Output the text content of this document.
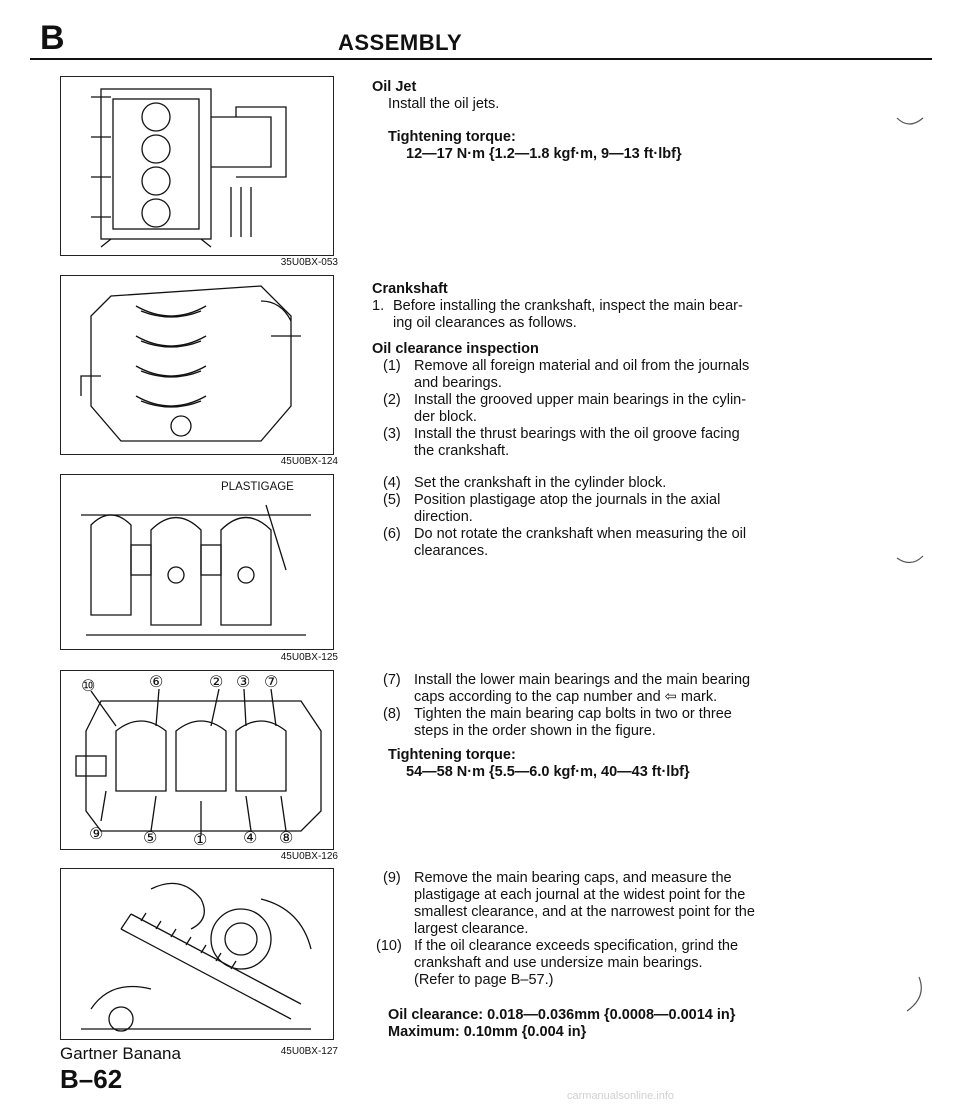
B	ASSEMBLY
35U0BX-053
45U0BX-124
PLASTIGAGE
45U0BX-125
⑩	⑥	② ③ ⑦
⑨ ⑤ ① ④ ⑧
45U0BX-126
45U0BX-127
Oil Jet
Install the oil jets.
Tightening torque:
12—17 N·m {1.2—1.8 kgf·m, 9—13 ft·lbf}
Crankshaft
1. Before installing the crankshaft, inspect the main bear-
ing oil clearances as follows.
Oil clearance inspection
(1) Remove all foreign material and oil from the journals
and bearings.
(2) Install the grooved upper main bearings in the cylin-
der block.
(3) Install the thrust bearings with the oil groove facing
the crankshaft.
(4) Set the crankshaft in the cylinder block.
(5) Position plastigage atop the journals in the axial
direction.
(6) Do not rotate the crankshaft when measuring the oil
clearances.
(7) Install the lower main bearings and the main bearing
caps according to the cap number and ⇦ mark.
(8) Tighten the main bearing cap bolts in two or three
steps in the order shown in the figure.
Tightening torque:
54—58 N·m {5.5—6.0 kgf·m, 40—43 ft·lbf}
(9) Remove the main bearing caps, and measure the
plastigage at each journal at the widest point for the
smallest clearance, and at the narrowest point for the
largest clearance.
(10) If the oil clearance exceeds specification, grind the
crankshaft and use undersize main bearings.
(Refer to page B–57.)
Oil clearance: 0.018—0.036mm {0.0008—0.0014 in}
Maximum: 0.10mm {0.004 in}
Gartner Banana
B–62
carmanualsonline.info
